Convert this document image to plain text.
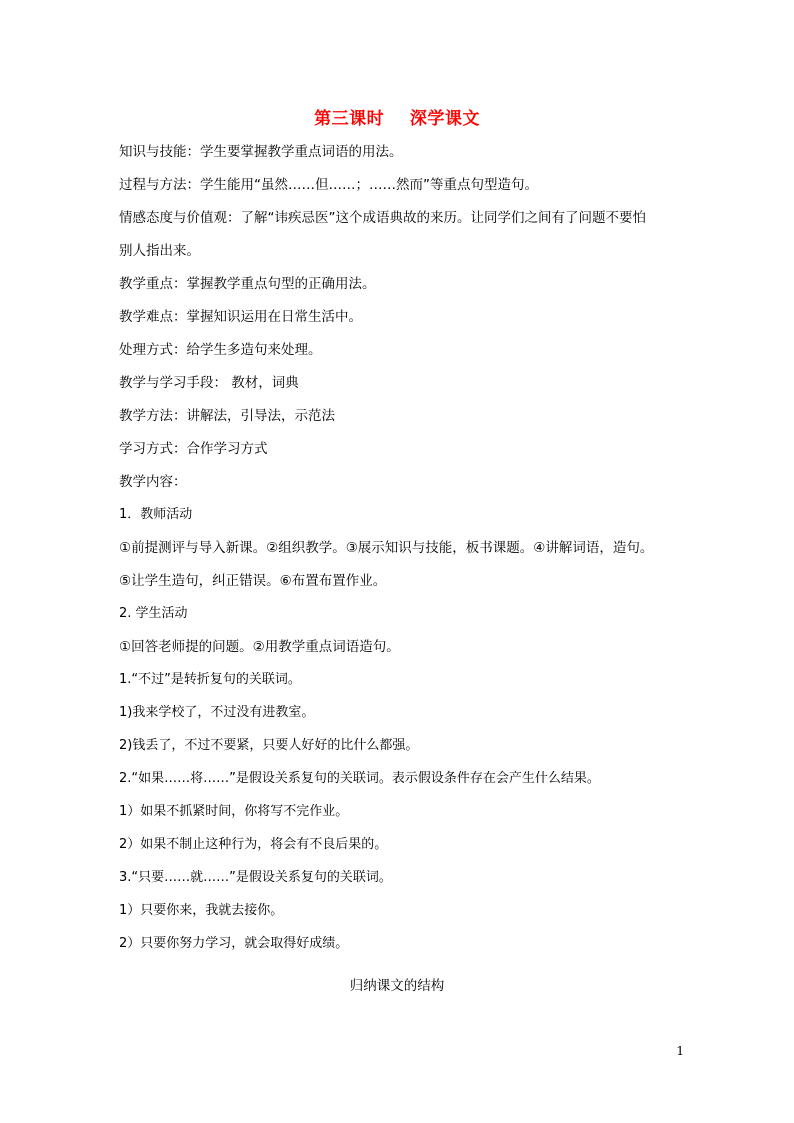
第三课时    深学课文
知识与技能：学生要掌握教学重点词语的用法。
过程与方法：学生能用“虽然……但……；……然而”等重点句型造句。
情感态度与价值观：了解“讳疾忌医”这个成语典故的来历。让同学们之间有了问题不要怕
别人指出来。
教学重点：掌握教学重点句型的正确用法。
教学难点：掌握知识运用在日常生活中。
处理方式：给学生多造句来处理。
教学与学习手段： 教材，词典
教学方法：讲解法，引导法，示范法
学习方式：合作学习方式
教学内容：
1．教师活动
①前提测评与导入新课。②组织教学。③展示知识与技能，板书课题。④讲解词语，造句。
⑤让学生造句，纠正错误。⑥布置布置作业。
2. 学生活动
①回答老师提的问题。②用教学重点词语造句。
1.“不过”是转折复句的关联词。
1)我来学校了，不过没有进教室。
2)钱丢了，不过不要紧，只要人好好的比什么都强。
2.“如果……将……”是假设关系复句的关联词。表示假设条件存在会产生什么结果。
1）如果不抓紧时间，你将写不完作业。
2）如果不制止这种行为，将会有不良后果的。
3.“只要……就……”是假设关系复句的关联词。
1）只要你来，我就去接你。
2）只要你努力学习，就会取得好成绩。
归纳课文的结构
1
